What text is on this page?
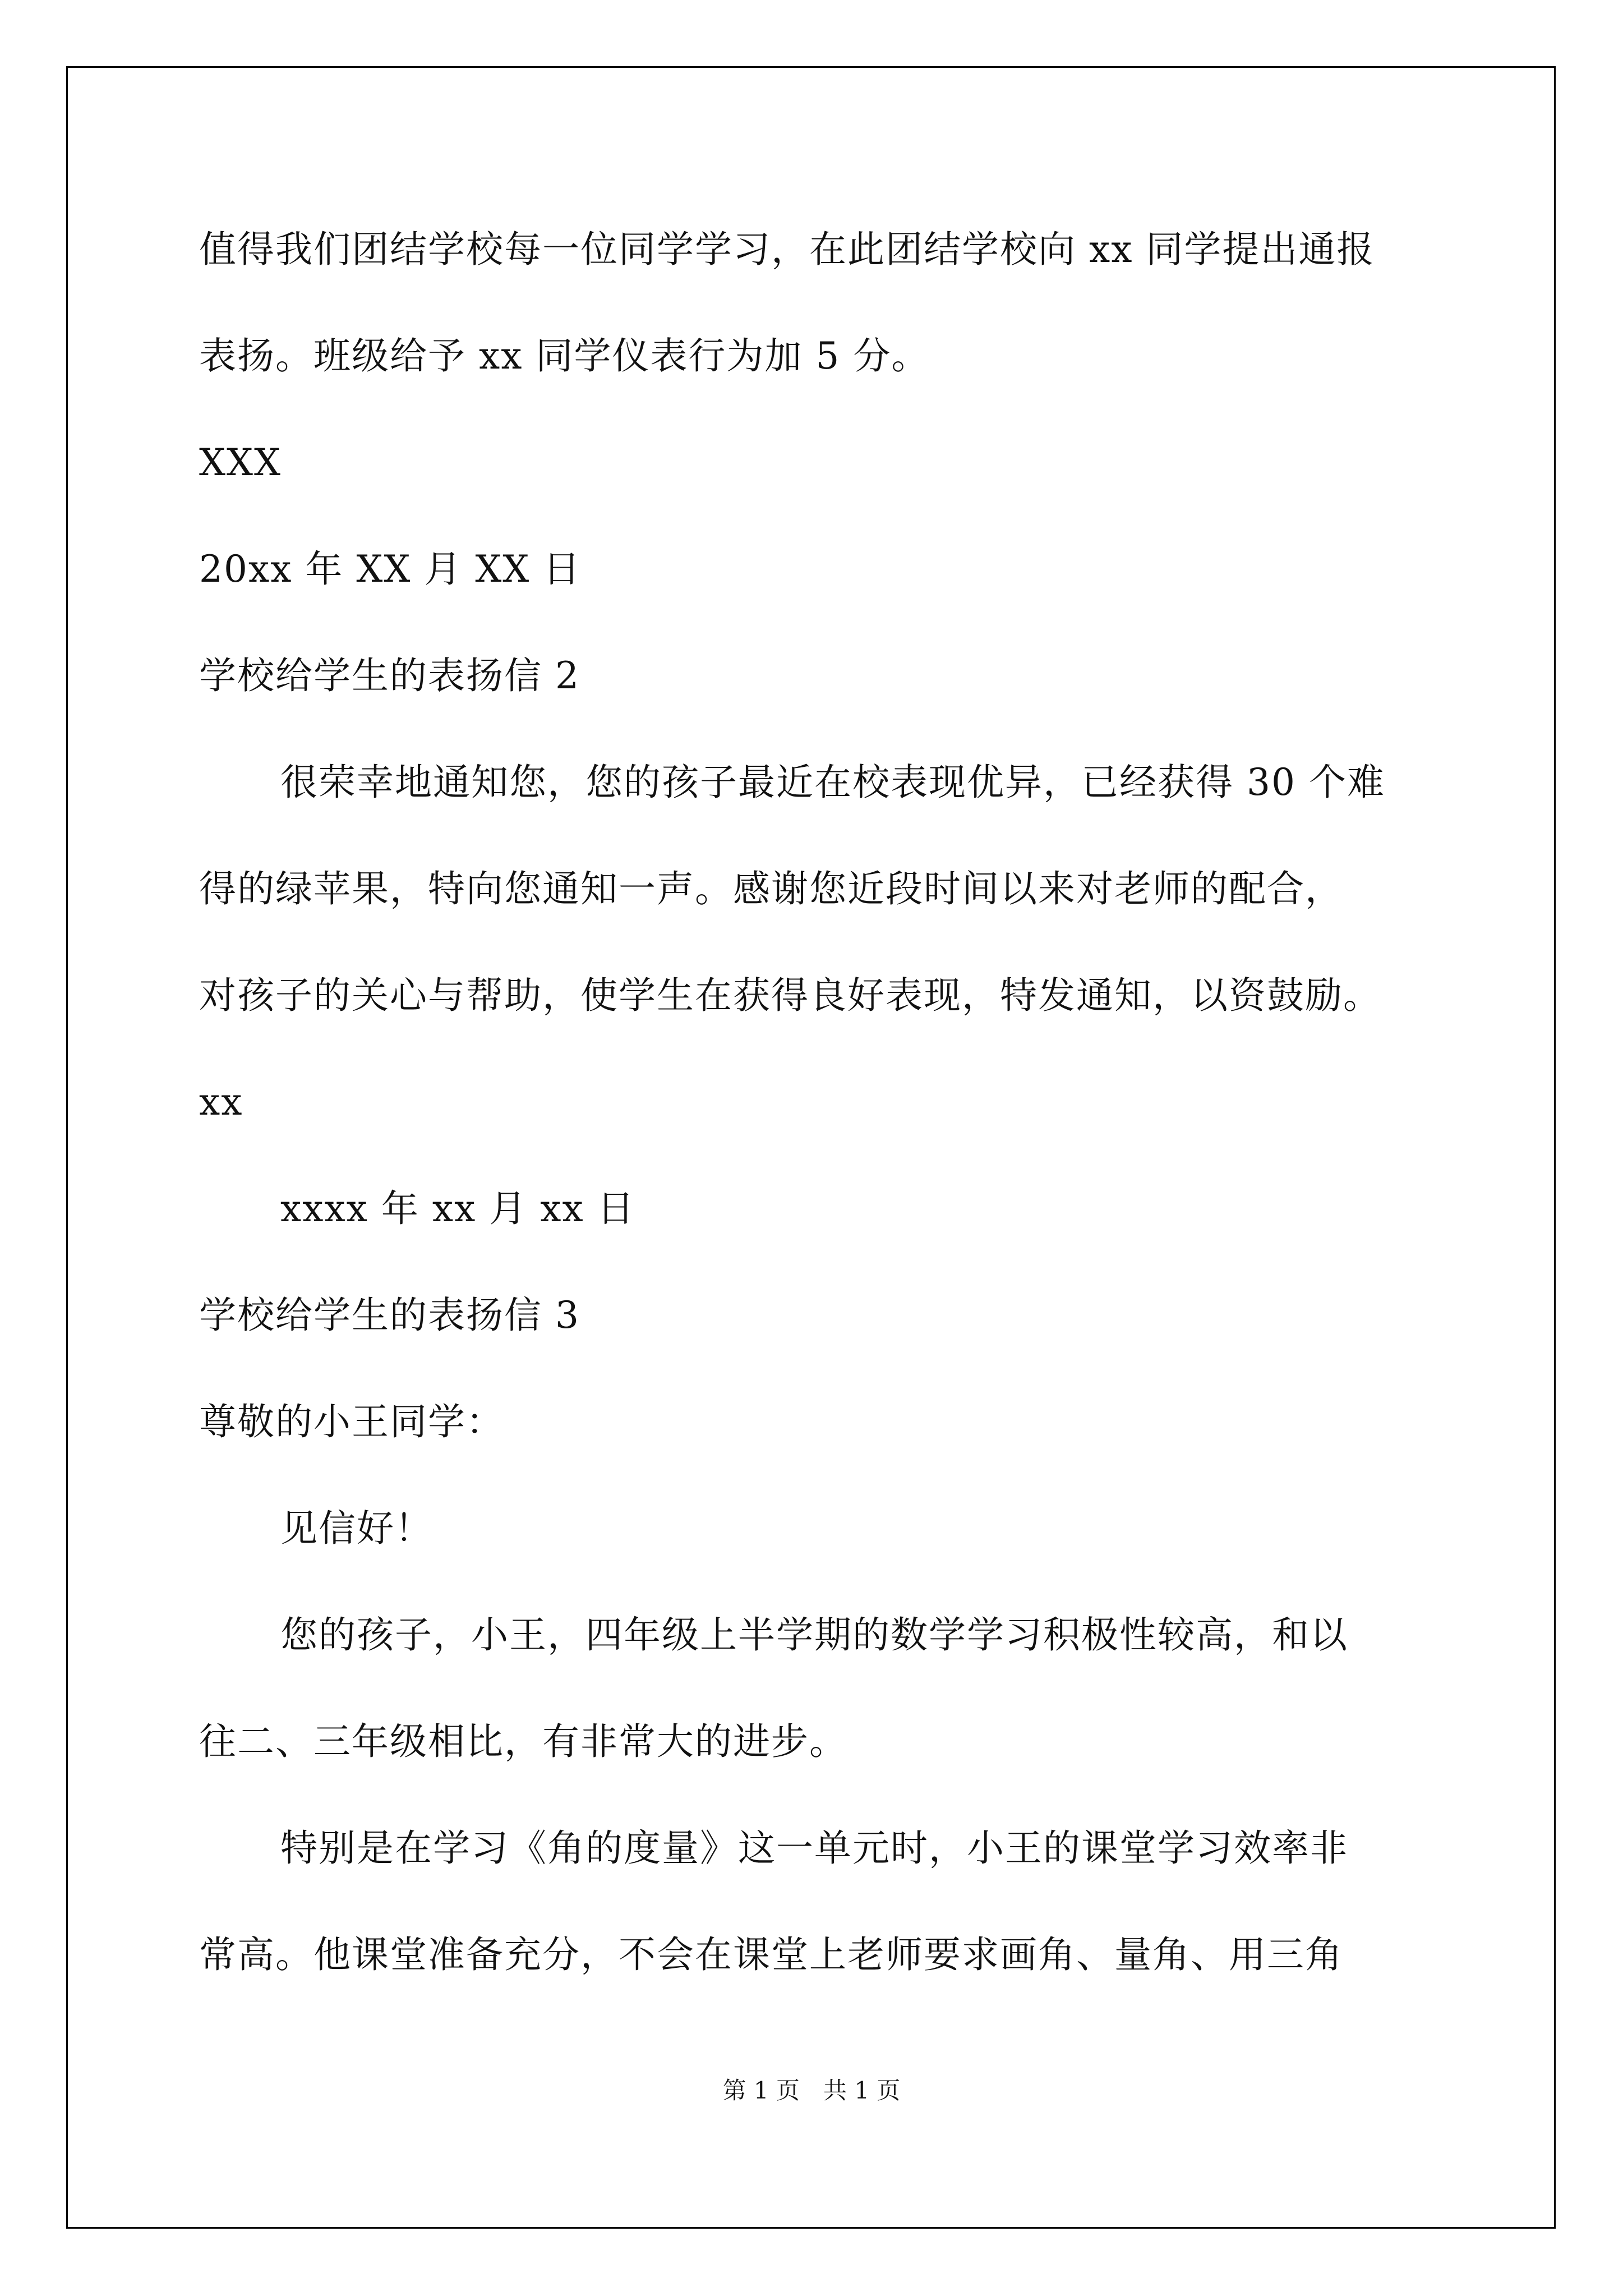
值得我们团结学校每一位同学学习，在此团结学校向 xx 同学提出通报

表扬。班级给予 xx 同学仪表行为加 5 分。

XXX

20xx 年 XX 月 XX 日

学校给学生的表扬信 2

很荣幸地通知您，您的孩子最近在校表现优异，已经获得 30 个难

得的绿苹果，特向您通知一声。感谢您近段时间以来对老师的配合，

对孩子的关心与帮助，使学生在获得良好表现，特发通知，以资鼓励。

xx

xxxx 年 xx 月 xx 日

学校给学生的表扬信 3

尊敬的小王同学：

见信好！

您的孩子，小王，四年级上半学期的数学学习积极性较高，和以

往二、三年级相比，有非常大的进步。

特别是在学习《角的度量》这一单元时，小王的课堂学习效率非

常高。他课堂准备充分，不会在课堂上老师要求画角、量角、用三角

第 1 页　共 1 页
